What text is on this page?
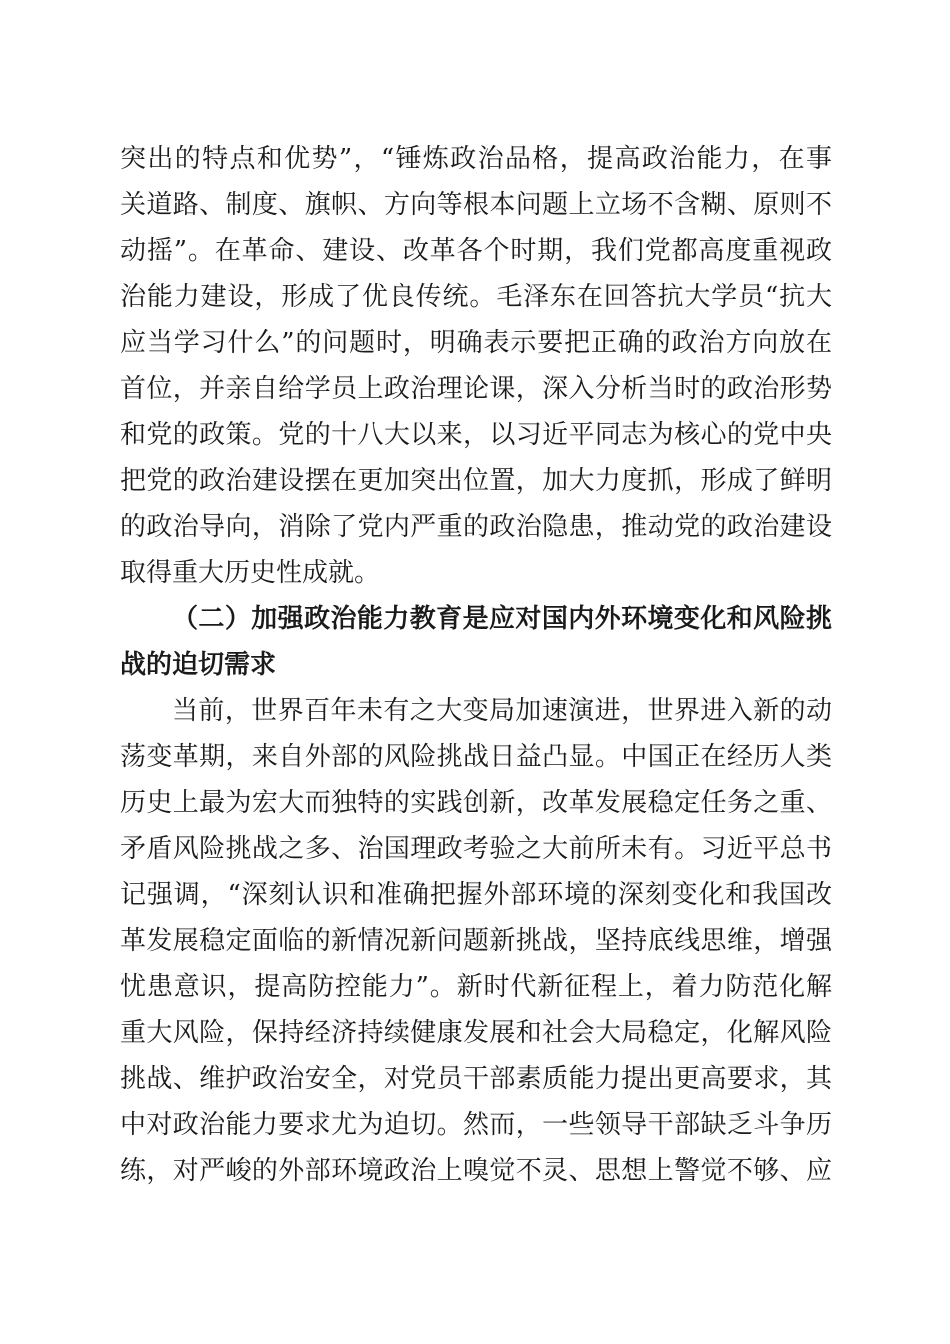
突出的特点和优势”，“锤炼政治品格，提高政治能力，在事
关道路、制度、旗帜、方向等根本问题上立场不含糊、原则不
动摇”。在革命、建设、改革各个时期，我们党都高度重视政
治能力建设，形成了优良传统。毛泽东在回答抗大学员“抗大
应当学习什么”的问题时，明确表示要把正确的政治方向放在
首位，并亲自给学员上政治理论课，深入分析当时的政治形势
和党的政策。党的十八大以来，以习近平同志为核心的党中央
把党的政治建设摆在更加突出位置，加大力度抓，形成了鲜明
的政治导向，消除了党内严重的政治隐患，推动党的政治建设
取得重大历史性成就。
（二）加强政治能力教育是应对国内外环境变化和风险挑
战的迫切需求
当前，世界百年未有之大变局加速演进，世界进入新的动
荡变革期，来自外部的风险挑战日益凸显。中国正在经历人类
历史上最为宏大而独特的实践创新，改革发展稳定任务之重、
矛盾风险挑战之多、治国理政考验之大前所未有。习近平总书
记强调，“深刻认识和准确把握外部环境的深刻变化和我国改
革发展稳定面临的新情况新问题新挑战，坚持底线思维，增强
忧患意识，提高防控能力”。新时代新征程上，着力防范化解
重大风险，保持经济持续健康发展和社会大局稳定，化解风险
挑战、维护政治安全，对党员干部素质能力提出更高要求，其
中对政治能力要求尤为迫切。然而，一些领导干部缺乏斗争历
练，对严峻的外部环境政治上嗅觉不灵、思想上警觉不够、应
